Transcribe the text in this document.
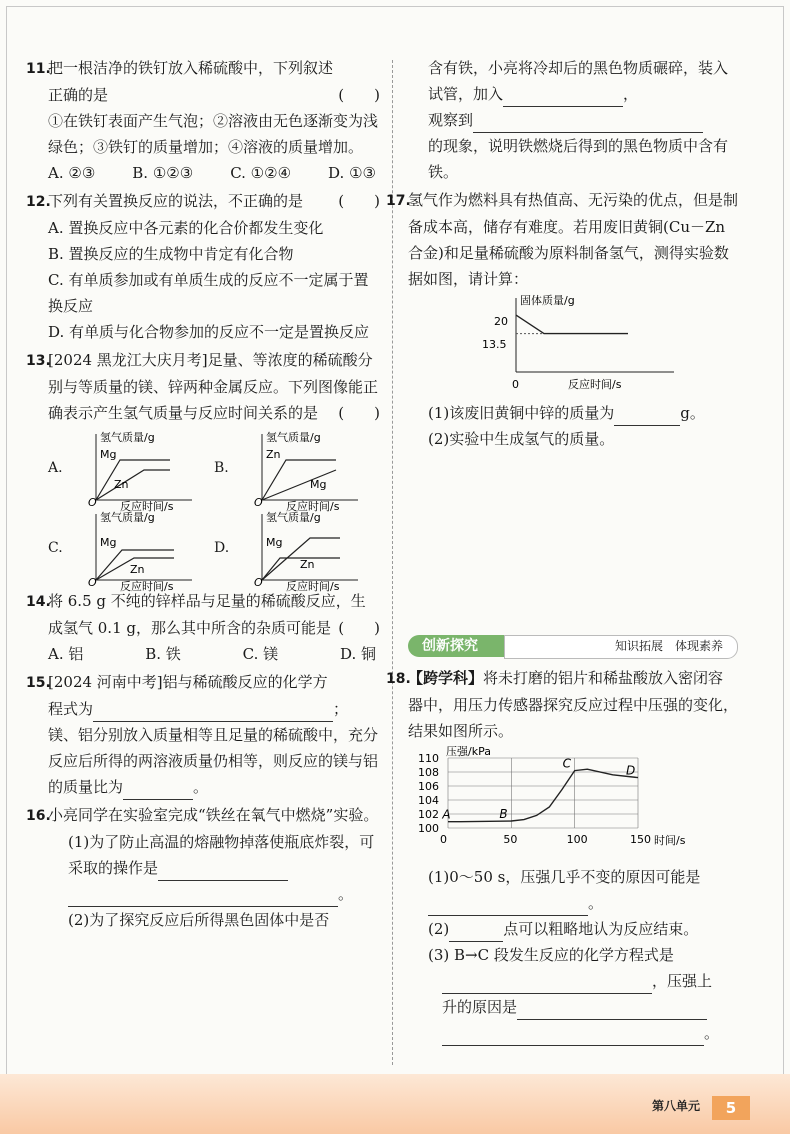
11.把一根洁净的铁钉放入稀硫酸中，下列叙述
正确的是	(　　)
①在铁钉表面产生气泡；②溶液由无色逐渐变为浅绿色；③铁钉的质量增加；④溶液的质量增加。
A. ②③ B. ①②③ C. ①②④ D. ①③
12.下列有关置换反应的说法，不正确的是 (　　)
A. 置换反应中各元素的化合价都发生变化
B. 置换反应的生成物中肯定有化合物
C. 有单质参加或有单质生成的反应不一定属于置换反应
D. 有单质与化合物参加的反应不一定是置换反应
13.[2024 黑龙江大庆月考]足量、等浓度的稀硫酸分别与等质量的镁、锌两种金属反应。下列图像能正确表示产生氢气质量与反应时间关系的是 (　　)
A.
氢气质量/g
O 反应时间/s
Mg
Zn
B.
氢气质量/g
O 反应时间/s
Zn
Mg
C.
氢气质量/g
O 反应时间/s
Mg
Zn
D.
氢气质量/g
O 反应时间/s
Mg
Zn
14.将 6.5 g 不纯的锌样品与足量的稀硫酸反应，生成氢气 0.1 g，那么其中所含的杂质可能是 (　　)
A. 铝	B. 铁	C. 镁	D. 铜
15.[2024 河南中考]铝与稀硫酸反应的化学方
程式为	；
镁、铝分别放入质量相等且足量的稀硫酸中，充分反应后所得的两溶液质量仍相等，则反应的镁与铝的质量比为	。
16.小亮同学在实验室完成“铁丝在氧气中燃烧”实验。
(1)为了防止高温的熔融物掉落使瓶底炸裂，可采取的操作是
。
(2)为了探究反应后所得黑色固体中是否
含有铁，小亮将冷却后的黑色物质碾碎，装入试管，加入	，
观察到
的现象，说明铁燃烧后得到的黑色物质中含有铁。
17.氢气作为燃料具有热值高、无污染的优点，但是制备成本高，储存有难度。若用废旧黄铜(Cu－Zn 合金)和足量稀硫酸为原料制备氢气，测得实验数据如图，请计算：
固体质量/g
0	反应时间/s
20
13.5
(1)该废旧黄铜中锌的质量为	g。
(2)实验中生成氢气的质量。
创新探究	知识拓展　体现素养
18.【跨学科】将未打磨的铝片和稀盐酸放入密闭容器中，用压力传感器探究反应过程中压强的变化，结果如图所示。
压强/kPa
时间/s
100
102
104
106
108
110
0	50	100	150
A	B
C	D
(1)0～50 s，压强几乎不变的原因可能是
。
(2)	点可以粗略地认为反应结束。
(3) B→C 段发生反应的化学方程式是
，压强上
升的原因是
。
第八单元	5
